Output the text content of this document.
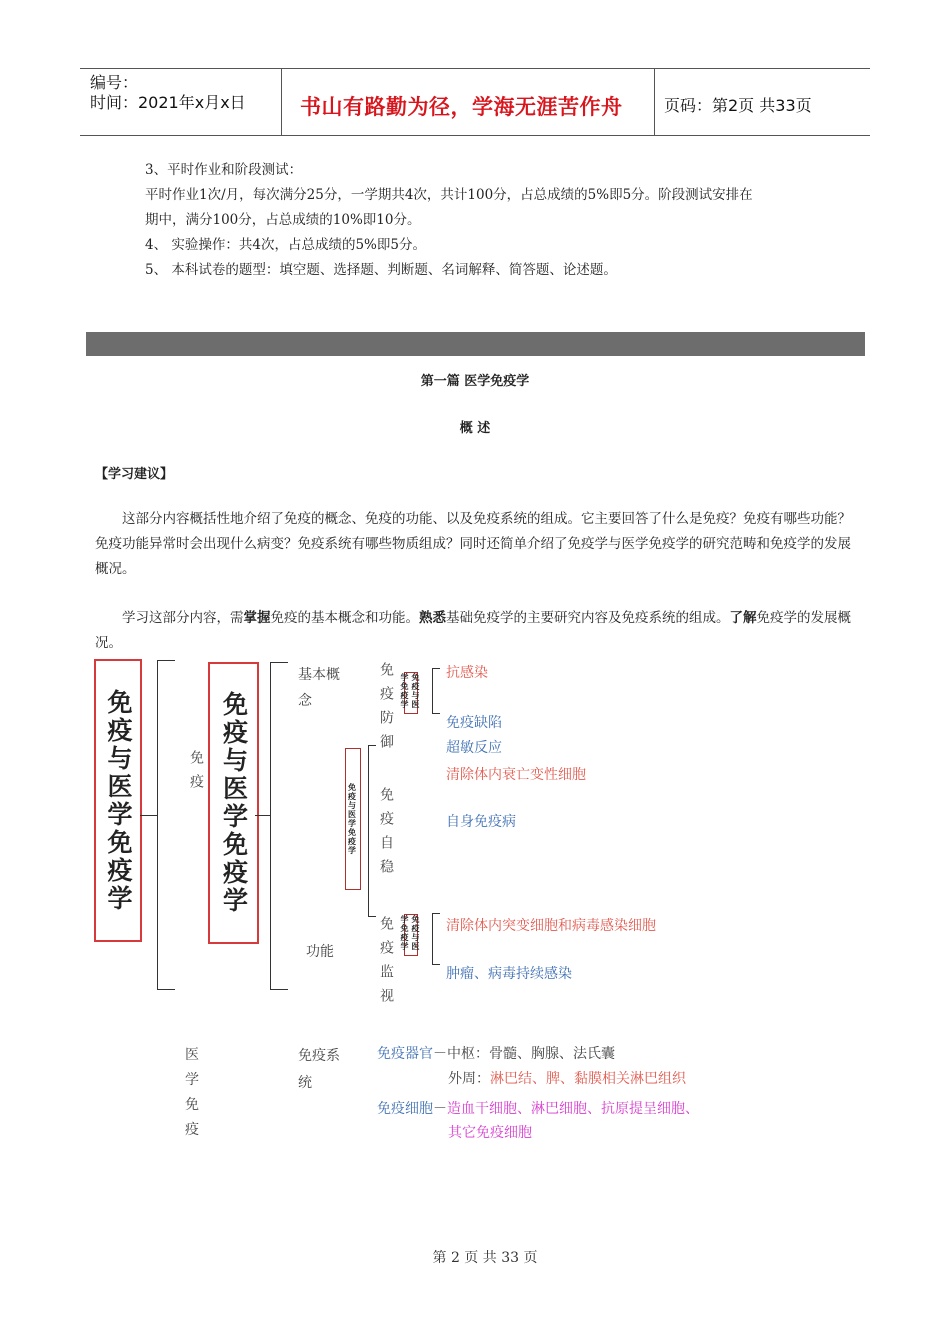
编号：
时间：2021年x月x日	书山有路勤为径，学海无涯苦作舟	页码：第2页 共33页
3、平时作业和阶段测试：
平时作业1次/月，每次满分25分，一学期共4次，共计100分，占总成绩的5%即5分。阶段测试安排在
期中，满分100分，占总成绩的10%即10分。
4、 实验操作：共4次，占总成绩的5%即5分。
5、 本科试卷的题型：填空题、选择题、判断题、名词解释、简答题、论述题。
第一篇 医学免疫学
概 述
【学习建议】
这部分内容概括性地介绍了免疫的概念、免疫的功能、以及免疫系统的组成。它主要回答了什么是免疫？免疫有哪些功能？免疫功能异常时会出现什么病变？免疫系统有哪些物质组成？同时还简单介绍了免疫学与医学免疫学的研究范畴和免疫学的发展概况。
学习这部分内容，需掌握免疫的基本概念和功能。熟悉基础免疫学的主要研究内容及免疫系统的组成。了解免疫学的发展概况。
免疫与医学免疫学	免疫 免疫与医学免疫学
基本概念
功能
免疫与医学免疫学
免疫防御
免疫自稳
免疫监视
免疫与医学免疫学	抗感染
免疫缺陷
超敏反应
清除体内衰亡变性细胞
自身免疫病
免疫与医学免疫学	清除体内突变细胞和病毒感染细胞
肿瘤、病毒持续感染
医学免疫
免疫系统
免疫器官－中枢：骨髓、胸腺、法氏囊
外周：淋巴结、脾、黏膜相关淋巴组织
免疫细胞－造血干细胞、淋巴细胞、抗原提呈细胞、
其它免疫细胞
第 2 页 共 33 页
